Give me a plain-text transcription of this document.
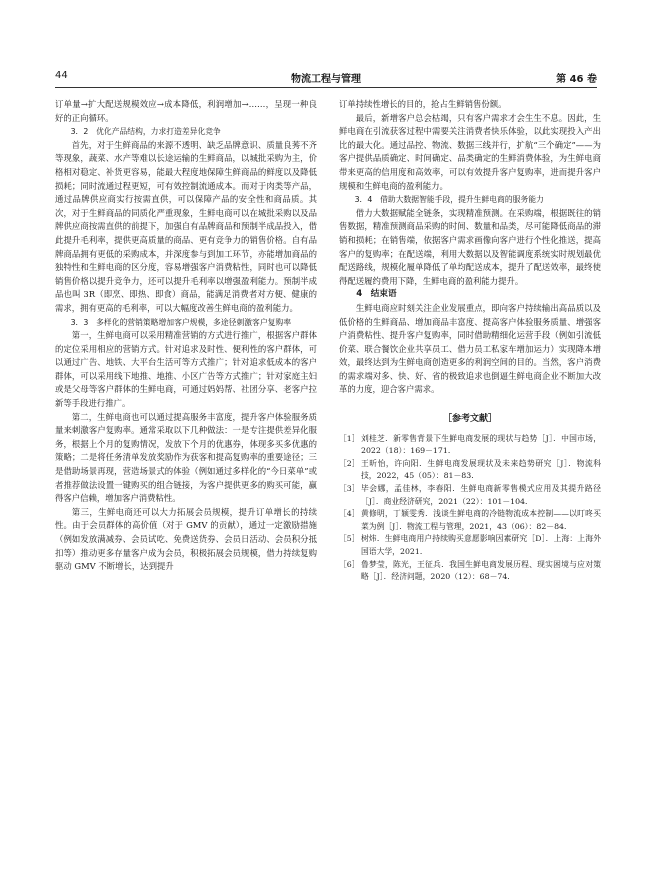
44	物流工程与管理	第 46 卷

订单量→扩大配送规模效应→成本降低，利润增加→……，呈现一种良好的正向循环。

3．2　优化产品结构，力求打造差异化竞争

首先，对于生鲜商品的来源不透明、缺乏品牌意识、质量良莠不齐等现象，蔬菜、水产等难以长途运输的生鲜商品，以城批采购为主，价格相对稳定、补货更容易，能最大程度地保障生鲜商品的鲜度以及降低损耗；同时流通过程更短，可有效控制流通成本。而对于肉类等产品，通过品牌供应商实行按需直供，可以保障产品的安全性和商品质。其次，对于生鲜商品的同质化严重现象，生鲜电商可以在城批采购以及品牌供应商按需直供的前提下，加强自有品牌商品和预制半成品投入，借此提升毛利率，提供更高质量的商品、更有竞争力的销售价格。自有品牌商品拥有更低的采购成本，并深度参与到加工环节，亦能增加商品的独特性和生鲜电商的区分度，容易增强客户消费粘性，同时也可以降低销售价格以提升竞争力，还可以提升毛利率以增强盈利能力。预制半成品也叫 3R（即烹、即热、即食）商品，能满足消费者对方便、健康的需求，拥有更高的毛利率，可以大幅度改善生鲜电商的盈利能力。

3．3　多样化的营销策略增加客户规模，多途径刺激客户复购率

第一，生鲜电商可以采用精准营销的方式进行推广，根据客户群体的定位采用相应的营销方式。针对追求及时性、便利性的客户群体，可以通过广告、地铁、大平台生活可等方式推广；针对追求低成本的客户群体，可以采用线下地推、地推、小区广告等方式推广；针对家庭主妇或是父母等客户群体的生鲜电商，可通过妈妈帮、社团分享、老客户拉新等手段进行推广。

第二，生鲜电商也可以通过提高服务丰富度，提升客户体验服务质量来刺激客户复购率。通常采取以下几种做法：一是专注提供差异化服务，根据上个月的复购情况，发放下个月的优惠券，体现多买多优惠的策略；二是将任务清单发放奖励作为获客和提高复购率的重要途径；三是借助场景再现，营造场景式的体验（例如通过多样化的“今日菜单”或者推荐做法设置一键购买的组合链接，为客户提供更多的购买可能，赢得客户信赖，增加客户消费粘性。

第三，生鲜电商还可以大力拓展会员规模，提升订单增长的持续性。由于会员群体的高价值（对于 GMV 的贡献），通过一定激励措施（例如发放满减券、会员试吃、免费送货券、会员日活动、会员积分抵扣等）推动更多存量客户成为会员，积极拓展会员规模，借力持续复购驱动 GMV 不断增长，达到提升

订单持续性增长的目的，抢占生鲜销售份额。

最后，新增客户总会枯竭，只有客户需求才会生生不息。因此，生鲜电商在引流获客过程中需要关注消费者快乐体验，以此实现投入产出比的最大化。通过品控、物流、数据三线并行，扩航“三个确定”——为客户提供品质确定、时间确定、品类确定的生鲜消费体验，为生鲜电商带来更高的信用度和高效率，可以有效提升客户复购率，进而提升客户规模和生鲜电商的盈利能力。

3．4　借助大数据智能手段，提升生鲜电商的服务能力

借力大数据赋能全链条，实现精准预测。在采购端，根据既往的销售数据，精准预测商品采购的时间、数量和品类，尽可能降低商品的滞销和损耗；在销售端，依据客户需求画像向客户进行个性化推送，提高客户的复购率；在配送端，利用大数据以及智能调度系统实时规划最优配送路线，规模化履单降低了单均配送成本，提升了配送效率，最终使得配送履约费用下降，生鲜电商的盈利能力提升。

4　结束语

生鲜电商应时刻关注企业发展重点，即向客户持续输出高品质以及低价格的生鲜商品、增加商品丰富度、提高客户体验服务质量、增强客户消费粘性、提升客户复购率，同时借助精细化运营手段（例如引流低价菜、联合餐饮企业共享员工、借力员工私家车增加运力）实现降本增效，最终达到为生鲜电商创造更多的利润空间的目的。当然，客户消费的需求端对多、快、好、省的极致追求也倒逼生鲜电商企业不断加大改革的力度，迎合客户需求。

［参考文献］
［1］ 刘桂芝．新零售背景下生鲜电商发展的现状与趋势［J］．中国市场，2022（18）：169－171．
［2］ 王昕怡，许向阳．生鲜电商发展现状及未来趋势研究［J］．物流科技，2022，45（05）：81－83．
［3］ 毕会娜，孟佳林，李春阳．生鲜电商新零售模式应用及其提升路径［J］．商业经济研究，2021（22）：101－104．
［4］ 黄修明，丁颖雯秀．浅谈生鲜电商的冷链物流成本控制——以叮咚买菜为例［J］．物流工程与管理，2021，43（06）：82－84．
［5］ 树炜．生鲜电商用户持续购买意愿影响因素研究［D］．上海：上海外国语大学，2021．
［6］ 鲁梦莹，陈光，王征兵．我国生鲜电商发展历程、现实困境与应对策略［J］．经济问题，2020（12）：68－74．
